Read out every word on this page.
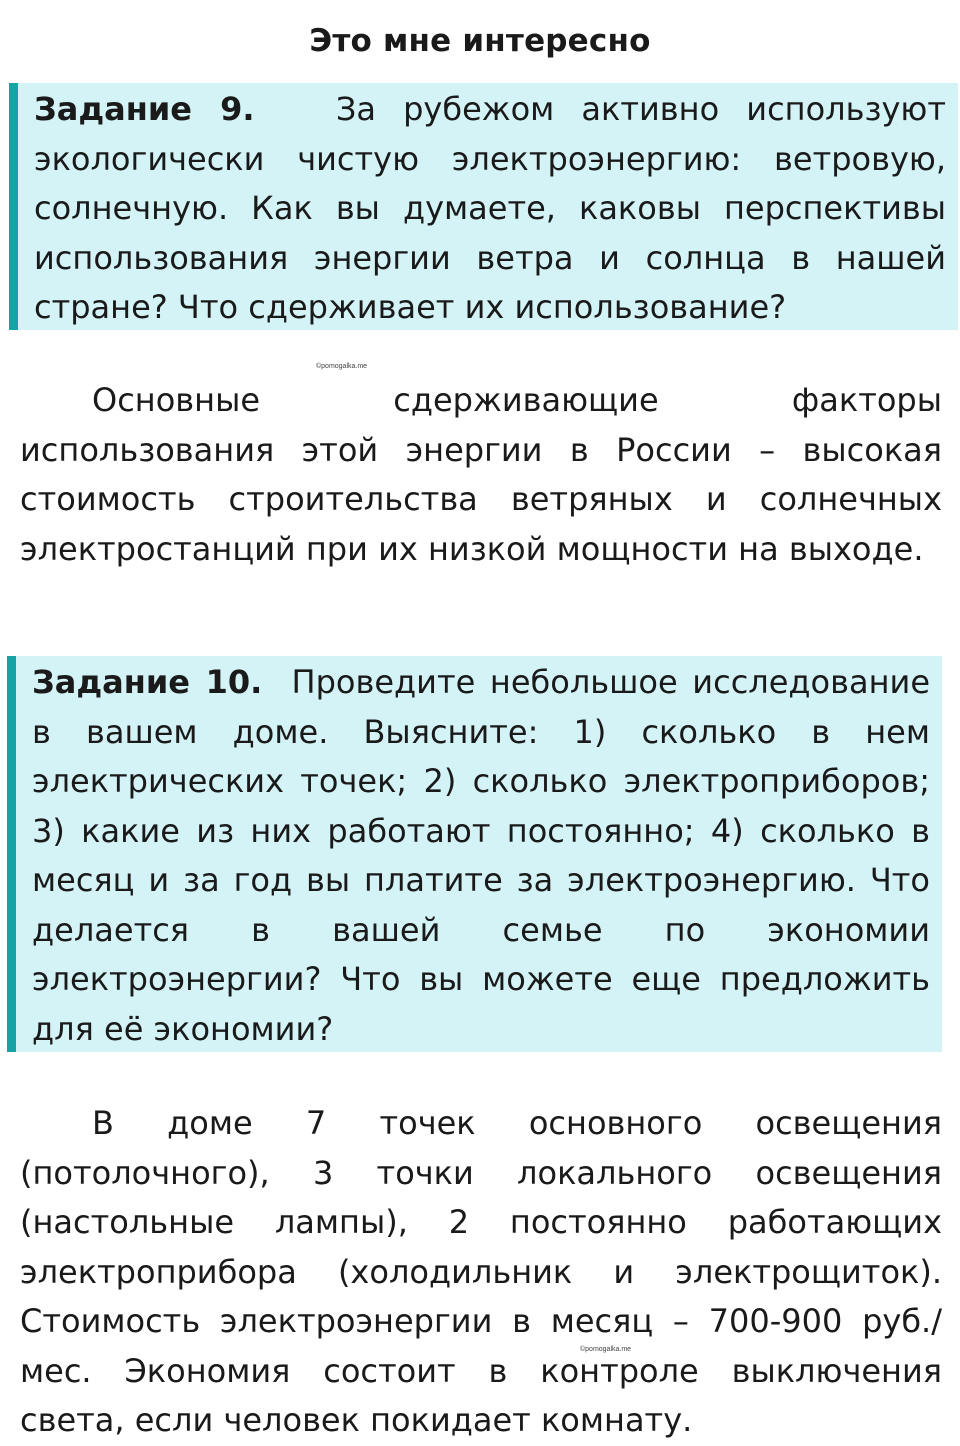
Это мне интересно
Задание 9.	За рубежом активно используют экологически чистую электроэнергию: ветровую, солнечную. Как вы думаете, каковы перспективы использования энергии ветра и солнца в нашей стране? Что сдерживает их использование?
©pomogalka.me
Основные сдерживающие факторы использования этой энергии в России – высокая стоимость строительства ветряных и солнечных электростанций при их низкой мощности на выходе.
Задание 10. Проведите небольшое исследование в вашем доме. Выясните: 1) сколько в нем электрических точек; 2) сколько электроприборов; 3) какие из них работают постоянно; 4) сколько в месяц и за год вы платите за электроэнергию. Что делается в вашей семье по экономии электроэнергии? Что вы можете еще предложить для её экономии?
В доме 7 точек основного освещения (потолочного), 3 точки локального освещения (настольные лампы), 2 постоянно работающих электроприбора (холодильник и электрощиток). Стоимость электроэнергии в месяц – 700-900 руб./мес. Экономия состоит в контроле выключения света, если человек покидает комнату.
©pomogalka.me
